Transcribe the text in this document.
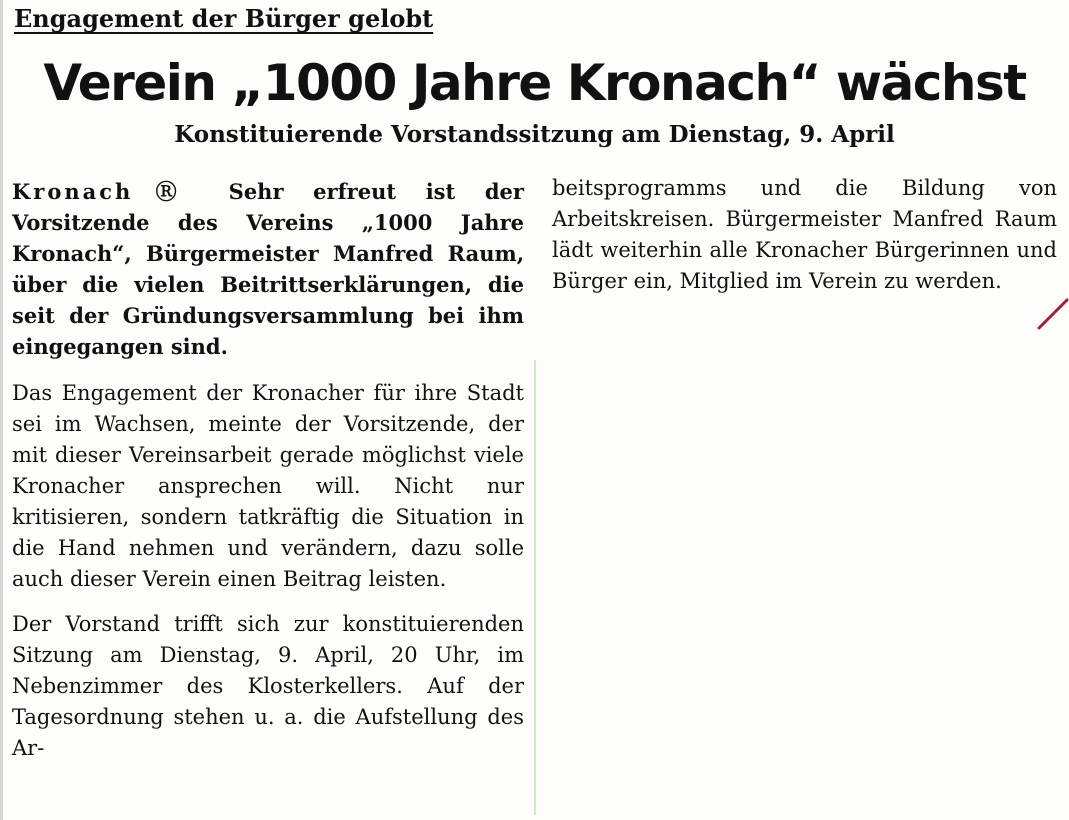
Engagement der Bürger gelobt
Verein „1000 Jahre Kronach“ wächst
Konstituierende Vorstandssitzung am Dienstag, 9. April

KronachⓇ Sehr erfreut ist der Vorsitzende des Vereins „1000 Jahre Kronach“, Bürgermeister Manfred Raum, über die vielen Beitrittserklärungen, die seit der Gründungsversammlung bei ihm eingegangen sind.

Das Engagement der Kronacher für ihre Stadt sei im Wachsen, meinte der Vorsitzende, der mit dieser Vereinsarbeit gerade möglichst viele Kronacher ansprechen will. Nicht nur kritisieren, sondern tatkräftig die Situation in die Hand nehmen und verändern, dazu solle auch dieser Verein einen Beitrag leisten.

Der Vorstand trifft sich zur konstituierenden Sitzung am Dienstag, 9. April, 20 Uhr, im Nebenzimmer des Klosterkellers. Auf der Tagesordnung stehen u. a. die Aufstellung des Ar-

beitsprogramms und die Bildung von Arbeitskreisen. Bürgermeister Manfred Raum lädt weiterhin alle Kronacher Bürgerinnen und Bürger ein, Mitglied im Verein zu werden.
